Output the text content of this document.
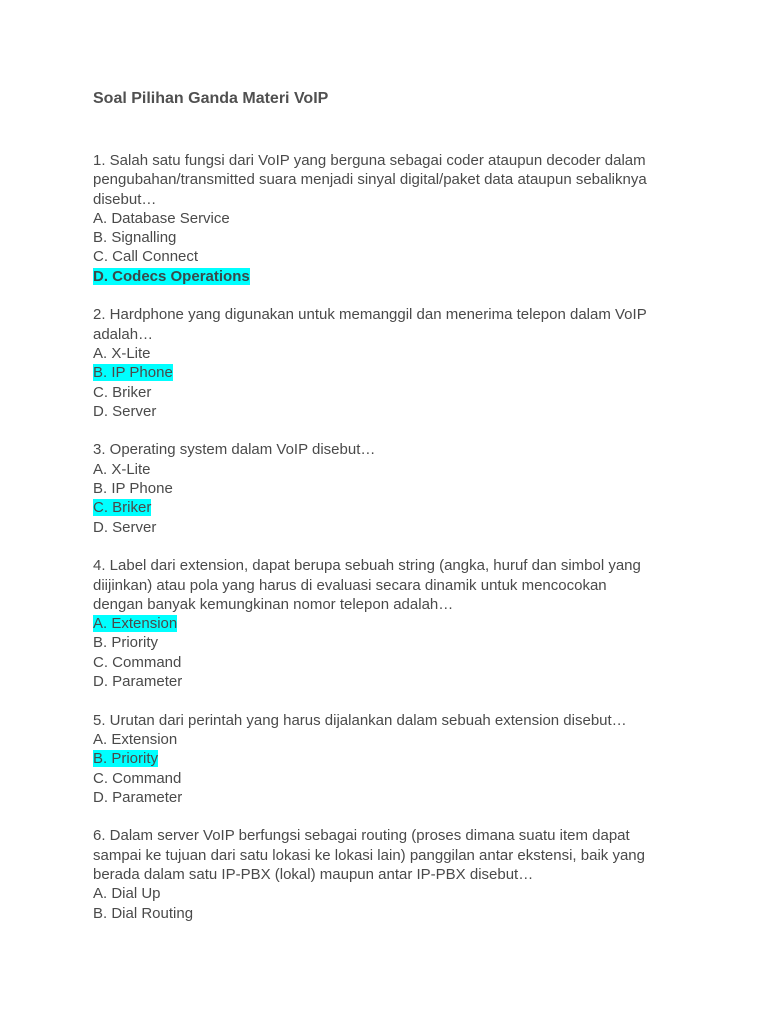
Soal Pilihan Ganda Materi VoIP

1. Salah satu fungsi dari VoIP yang berguna sebagai coder ataupun decoder dalam

pengubahan/transmitted suara menjadi sinyal digital/paket data ataupun sebaliknya

disebut…

A. Database Service
B. Signalling
C. Call Connect
D. Codecs Operations

2. Hardphone yang digunakan untuk memanggil dan menerima telepon dalam VoIP

adalah…

A. X-Lite
B. IP Phone
C. Briker
D. Server

3. Operating system dalam VoIP disebut…

A. X-Lite
B. IP Phone
C. Briker
D. Server

4. Label dari extension, dapat berupa sebuah string (angka, huruf dan simbol yang

diijinkan) atau pola yang harus di evaluasi secara dinamik untuk mencocokan

dengan banyak kemungkinan nomor telepon adalah…

A. Extension
B. Priority
C. Command
D. Parameter

5. Urutan dari perintah yang harus dijalankan dalam sebuah extension disebut…

A. Extension
B. Priority
C. Command
D. Parameter

6. Dalam server VoIP berfungsi sebagai routing (proses dimana suatu item dapat

sampai ke tujuan dari satu lokasi ke lokasi lain) panggilan antar ekstensi, baik yang

berada dalam satu IP-PBX (lokal) maupun antar IP-PBX disebut…

A. Dial Up
B. Dial Routing
